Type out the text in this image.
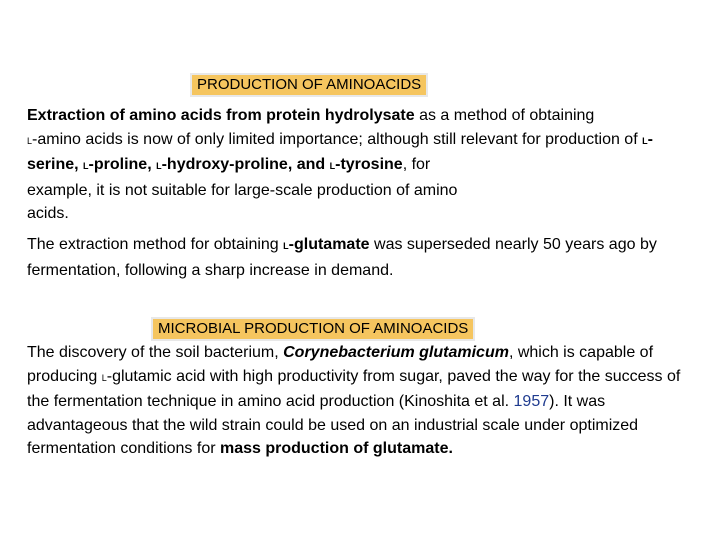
PRODUCTION OF AMINOACIDS

Extraction of amino acids from protein hydrolysate as a method of obtaining
L-amino acids is now of only limited importance; although still relevant for production of L-serine, L-proline, L-hydroxy-proline, and L-tyrosine, for
example, it is not suitable for large-scale production of amino
acids.

The extraction method for obtaining L-glutamate was superseded nearly 50 years ago by fermentation, following a sharp increase in demand.

MICROBIAL PRODUCTION OF AMINOACIDS

The discovery of the soil bacterium, Corynebacterium glutamicum, which is capable of producing L-glutamic acid with high productivity from sugar, paved the way for the success of the fermentation technique in amino acid production (Kinoshita et al. 1957). It was advantageous that the wild strain could be used on an industrial scale under optimized fermentation conditions for mass production of glutamate.
